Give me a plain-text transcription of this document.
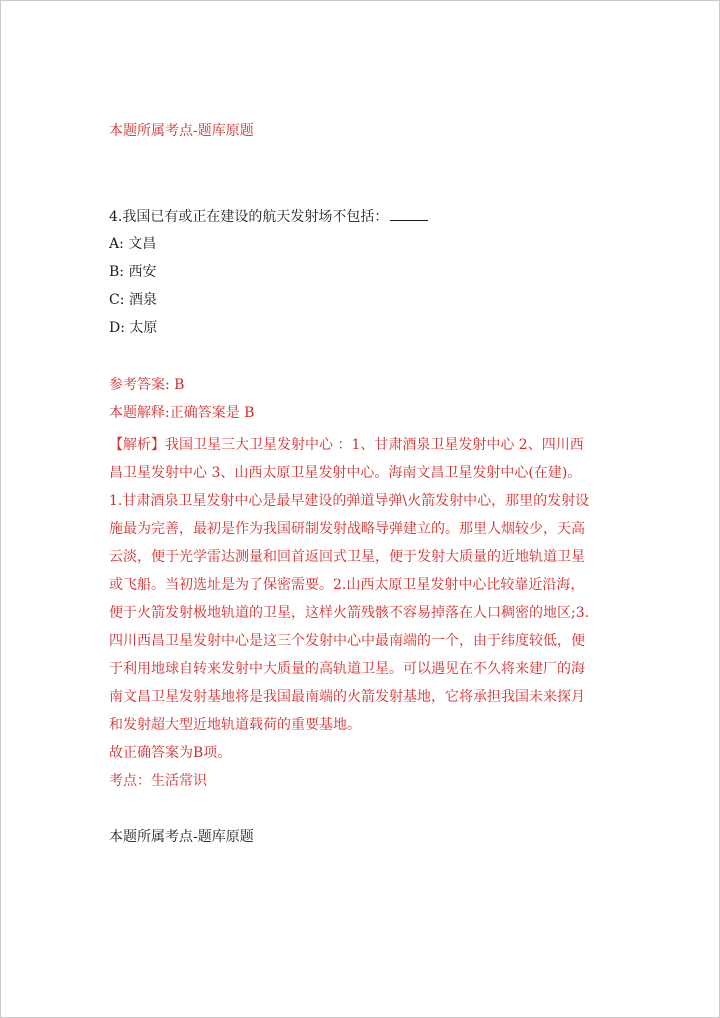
本题所属考点-题库原题

4.我国已有或正在建设的航天发射场不包括：

A: 文昌

B: 西安

C: 酒泉

D: 太原

参考答案: B

本题解释:正确答案是 B

【解析】我国卫星三大卫星发射中心 ：1、甘肃酒泉卫星发射中心 2、四川西

昌卫星发射中心 3、山西太原卫星发射中心。海南文昌卫星发射中心(在建)。

1.甘肃酒泉卫星发射中心是最早建设的弹道导弹\火箭发射中心，那里的发射设

施最为完善，最初是作为我国研制发射战略导弹建立的。那里人烟较少，天高

云淡，便于光学雷达测量和回首返回式卫星，便于发射大质量的近地轨道卫星

或飞船。当初选址是为了保密需要。2.山西太原卫星发射中心比较靠近沿海，

便于火箭发射极地轨道的卫星，这样火箭残骸不容易掉落在人口稠密的地区;3.

四川西昌卫星发射中心是这三个发射中心中最南端的一个，由于纬度较低，便

于利用地球自转来发射中大质量的高轨道卫星。可以遇见在不久将来建厂的海

南文昌卫星发射基地将是我国最南端的火箭发射基地，它将承担我国未来探月

和发射超大型近地轨道载荷的重要基地。

故正确答案为B项。

考点：生活常识

本题所属考点-题库原题
